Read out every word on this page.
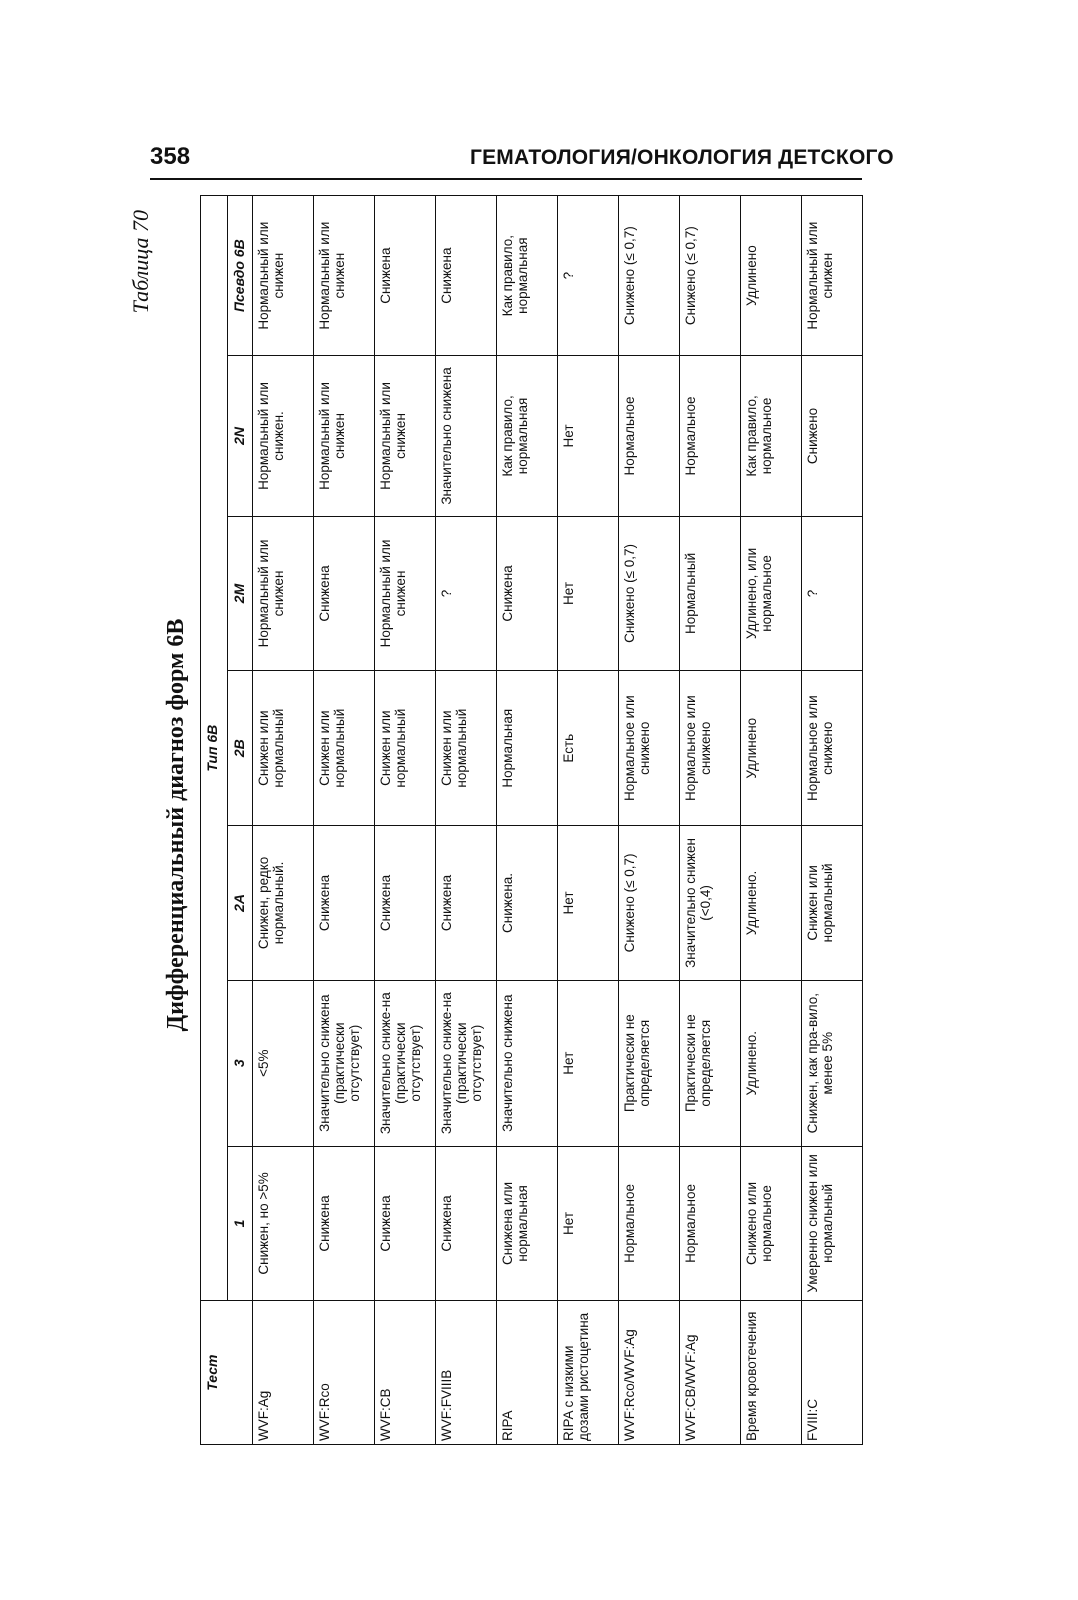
358	ГЕМАТОЛОГИЯ/ОНКОЛОГИЯ ДЕТСКОГО
Таблица 70
Дифференциальный диагноз форм 6В
Тест	Тип 6В						
	1	3	2A	2B	2M	2N	Псевдо 6В
WVF:Ag	Снижен, но >5%	<5%	Снижен, редко нормальный.	Снижен или нормальный	Нормальный или снижен	Нормальный или снижен.	Нормальный или снижен
WVF:Rco	Снижена	Значительно снижена (практически отсутствует)	Снижена	Снижен или нормальный	Снижена	Нормальный или снижен	Нормальный или снижен
WVF:CB	Снижена	Значительно сниже-на (практически отсутствует)	Снижена	Снижен или нормальный	Нормальный или снижен	Нормальный или снижен	Снижена
WVF:FVIIIB	Снижена	Значительно сниже-на (практически отсутствует)	Снижена	Снижен или нормальный	?	Значительно снижена	Снижена
RIPA	Снижена или нормальная	Значительно снижена	Снижена.	Нормальная	Снижена	Как правило, нормальная	Как правило, нормальная
RIPA с низкими дозами ристоцетина	Нет	Нет	Нет	Есть	Нет	Нет	?
WVF:Rco/WVF:Ag	Нормальное	Практически не определяется	Снижено (≤ 0,7)	Нормальное или снижено	Снижено (≤ 0,7)	Нормальное	Снижено (≤ 0,7)
WVF:CB/WVF:Ag	Нормальное	Практически не определяется	Значительно снижен (<0,4)	Нормальное или снижено	Нормальный	Нормальное	Снижено (≤ 0,7)
Время кровотечения	Снижено или нормальное	Удлинено.	Удлинено.	Удлинено	Удлинено, или нормальное	Как правило, нормальное	Удлинено
FVIII:C	Умеренно снижен или нормальный	Снижен, как пра-вило, менее 5%	Снижен или нормальный	Нормальное или снижено	?	Снижено	Нормальный или снижен
